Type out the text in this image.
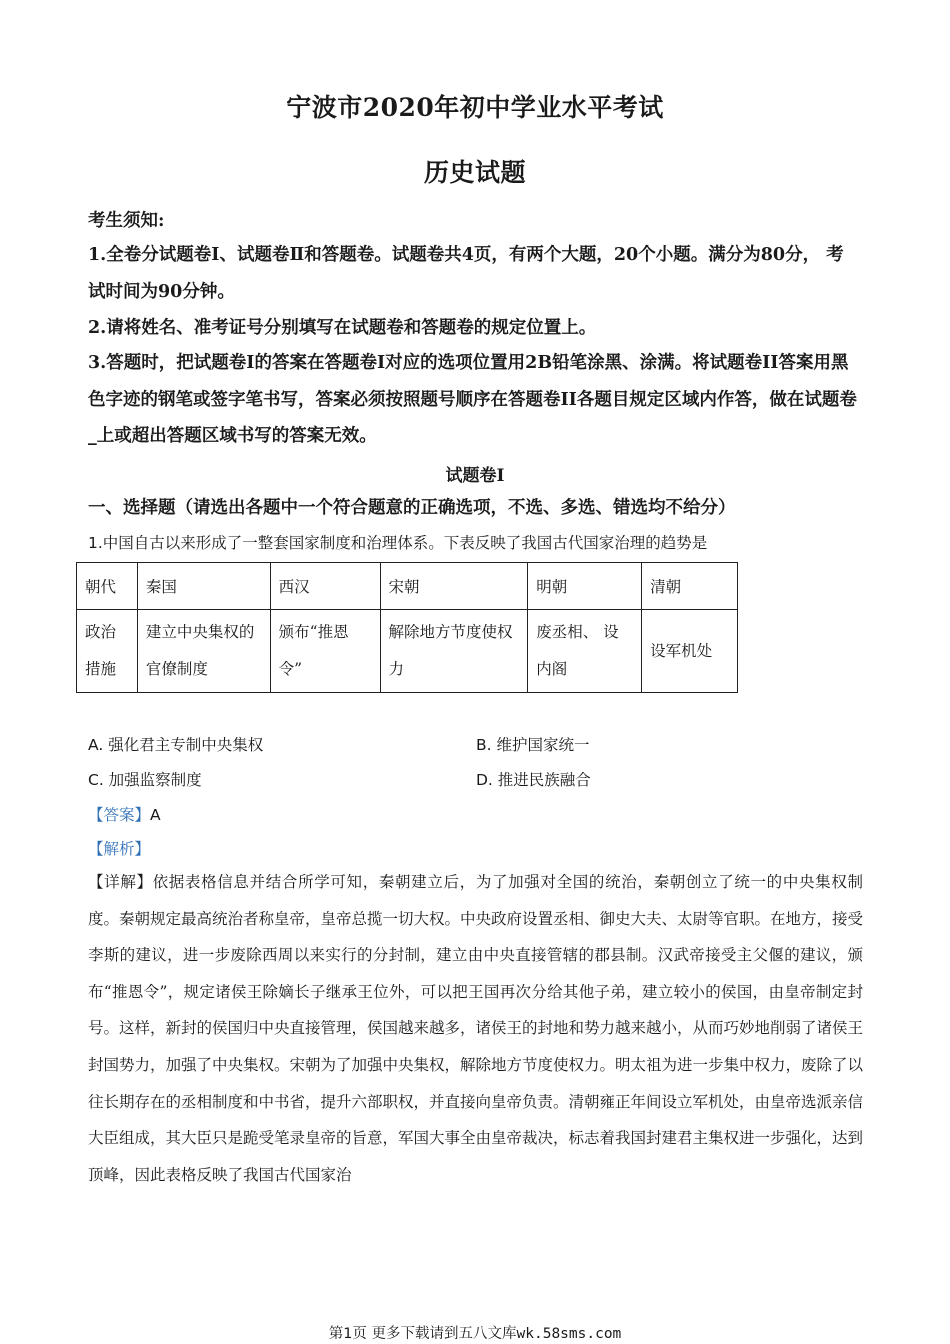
宁波市2020年初中学业水平考试
历史试题
考生须知:
1.全卷分试题卷I、试题卷Ⅱ和答题卷。试题卷共4页，有两个大题，20个小题。满分为80分， 考试时间为90分钟。
2.请将姓名、准考证号分别填写在试题卷和答题卷的规定位置上。
3.答题时，把试题卷I的答案在答题卷I对应的选项位置用2B铅笔涂黑、涂满。将试题卷II答案用黑色字迹的钢笔或签字笔书写，答案必须按照题号顺序在答题卷II各题目规定区域内作答，做在试题卷_上或超出答题区域书写的答案无效。
试题卷I
一、选择题（请选出各题中一个符合题意的正确选项，不选、多选、错选均不给分）
1.中国自古以来形成了一整套国家制度和治理体系。下表反映了我国古代国家治理的趋势是
朝代	秦国	西汉	宋朝	明朝	清朝
政治措施	建立中央集权的官僚制度	颁布“推恩令”	解除地方节度使权力	废丞相、 设内阁	设军机处
A. 强化君主专制中央集权	B. 维护国家统一
C. 加强监察制度	D. 推进民族融合
【答案】A
【解析】
【详解】依据表格信息并结合所学可知，秦朝建立后，为了加强对全国的统治，秦朝创立了统一的中央集权制度。秦朝规定最高统治者称皇帝，皇帝总揽一切大权。中央政府设置丞相、御史大夫、太尉等官职。在地方，接受李斯的建议，进一步废除西周以来实行的分封制，建立由中央直接管辖的郡县制。汉武帝接受主父偃的建议，颁布“推恩令”，规定诸侯王除嫡长子继承王位外，可以把王国再次分给其他子弟，建立较小的侯国，由皇帝制定封号。这样，新封的侯国归中央直接管理，侯国越来越多，诸侯王的封地和势力越来越小，从而巧妙地削弱了诸侯王封国势力，加强了中央集权。宋朝为了加强中央集权，解除地方节度使权力。明太祖为进一步集中权力，废除了以往长期存在的丞相制度和中书省，提升六部职权，并直接向皇帝负责。清朝雍正年间设立军机处，由皇帝选派亲信大臣组成，其大臣只是跪受笔录皇帝的旨意，军国大事全由皇帝裁决，标志着我国封建君主集权进一步强化，达到顶峰，因此表格反映了我国古代国家治
第1页 更多下载请到五八文库wk.58sms.com
